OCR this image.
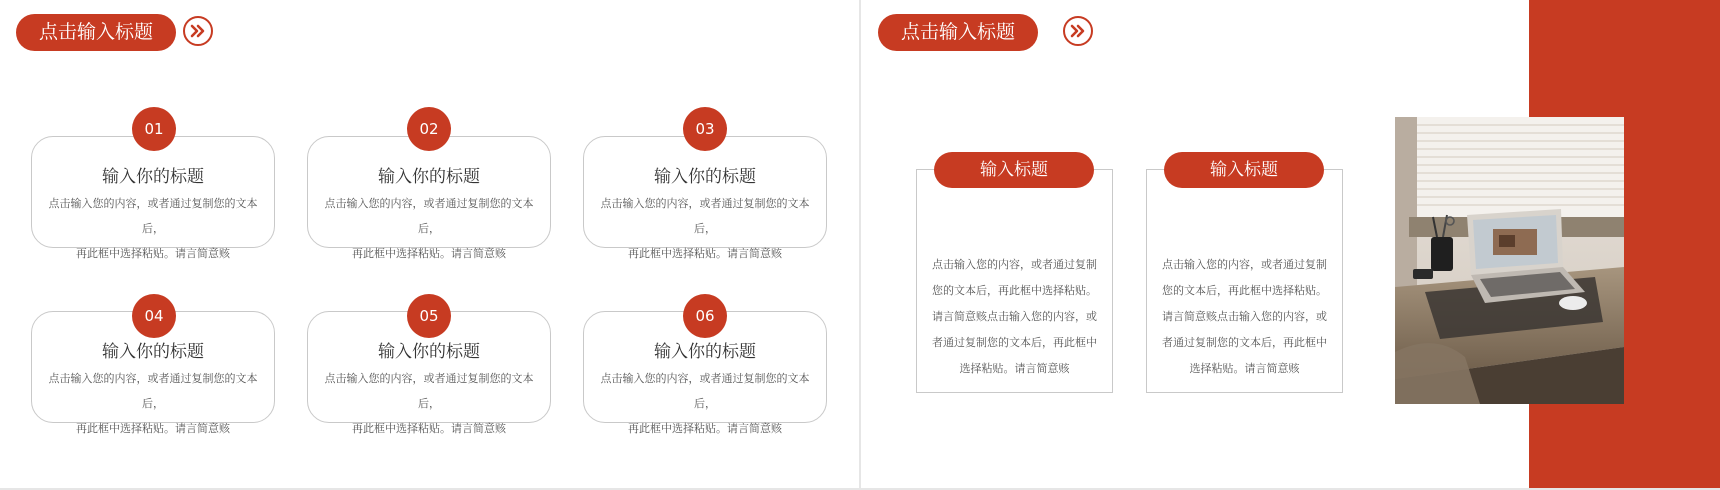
点击输入标题
输入你的标题
点击输入您的内容，或者通过复制您的文本后，
再此框中选择粘贴。请言简意赅
01
输入你的标题
点击输入您的内容，或者通过复制您的文本后，
再此框中选择粘贴。请言简意赅
02
输入你的标题
点击输入您的内容，或者通过复制您的文本后，
再此框中选择粘贴。请言简意赅
03
输入你的标题
点击输入您的内容，或者通过复制您的文本后，
再此框中选择粘贴。请言简意赅
04
输入你的标题
点击输入您的内容，或者通过复制您的文本后，
再此框中选择粘贴。请言简意赅
05
输入你的标题
点击输入您的内容，或者通过复制您的文本后，
再此框中选择粘贴。请言简意赅
06
点击输入标题
点击输入您的内容，或者通过复制
您的文本后，再此框中选择粘贴。
请言简意赅点击输入您的内容，或
者通过复制您的文本后，再此框中
选择粘贴。请言简意赅
输入标题
点击输入您的内容，或者通过复制
您的文本后，再此框中选择粘贴。
请言简意赅点击输入您的内容，或
者通过复制您的文本后，再此框中
选择粘贴。请言简意赅
输入标题
